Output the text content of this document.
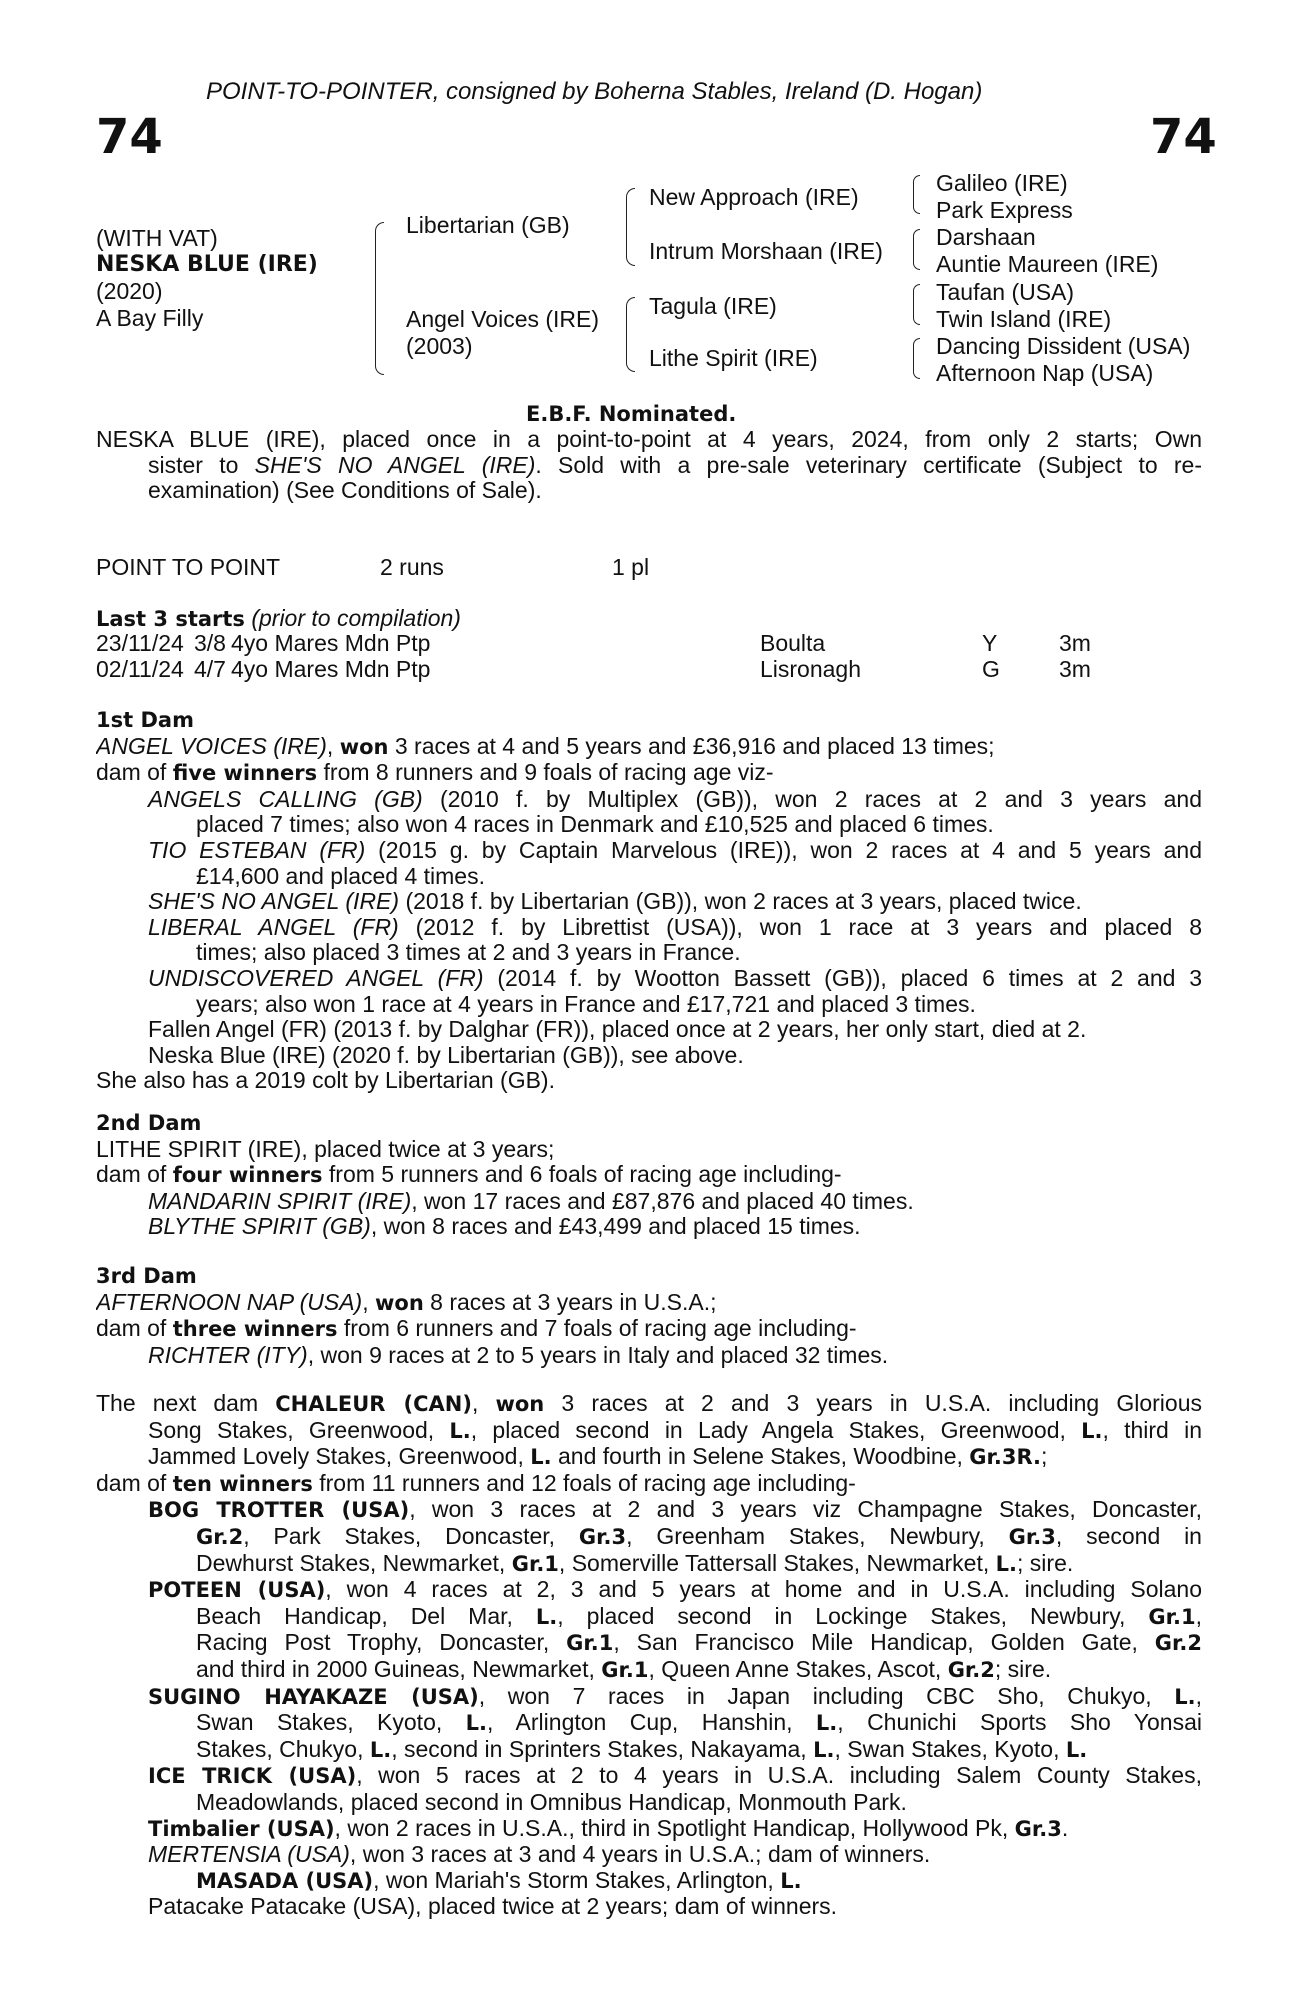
POINT-TO-POINTER, consigned by Boherna Stables, Ireland (D. Hogan)
74	74
(WITH VAT)
NESKA BLUE (IRE)
(2020)
A Bay Filly
Libertarian (GB)
Angel Voices (IRE)
(2003)
New Approach (IRE)
Intrum Morshaan (IRE)
Tagula (IRE)
Lithe Spirit (IRE)
Galileo (IRE)
Park Express
Darshaan
Auntie Maureen (IRE)
Taufan (USA)
Twin Island (IRE)
Dancing Dissident (USA)
Afternoon Nap (USA)
E.B.F. Nominated.
NESKA BLUE (IRE), placed once in a point-to-point at 4 years, 2024, from only 2 starts; Own
sister to SHE'S NO ANGEL (IRE). Sold with a pre-sale veterinary certificate (Subject to re-
examination) (See Conditions of Sale).
POINT TO POINT	2 runs	1 pl
Last 3 starts (prior to compilation)
23/11/24	3/8	4yo Mares Mdn Ptp	Boulta	Y	3m
02/11/24	4/7	4yo Mares Mdn Ptp	Lisronagh	G	3m
1st Dam
ANGEL VOICES (IRE), won 3 races at 4 and 5 years and £36,916 and placed 13 times;
dam of five winners from 8 runners and 9 foals of racing age viz-
ANGELS CALLING (GB) (2010 f. by Multiplex (GB)), won 2 races at 2 and 3 years and
placed 7 times; also won 4 races in Denmark and £10,525 and placed 6 times.
TIO ESTEBAN (FR) (2015 g. by Captain Marvelous (IRE)), won 2 races at 4 and 5 years and
£14,600 and placed 4 times.
SHE'S NO ANGEL (IRE) (2018 f. by Libertarian (GB)), won 2 races at 3 years, placed twice.
LIBERAL ANGEL (FR) (2012 f. by Librettist (USA)), won 1 race at 3 years and placed 8
times; also placed 3 times at 2 and 3 years in France.
UNDISCOVERED ANGEL (FR) (2014 f. by Wootton Bassett (GB)), placed 6 times at 2 and 3
years; also won 1 race at 4 years in France and £17,721 and placed 3 times.
Fallen Angel (FR) (2013 f. by Dalghar (FR)), placed once at 2 years, her only start, died at 2.
Neska Blue (IRE) (2020 f. by Libertarian (GB)), see above.
She also has a 2019 colt by Libertarian (GB).
2nd Dam
LITHE SPIRIT (IRE), placed twice at 3 years;
dam of four winners from 5 runners and 6 foals of racing age including-
MANDARIN SPIRIT (IRE), won 17 races and £87,876 and placed 40 times.
BLYTHE SPIRIT (GB), won 8 races and £43,499 and placed 15 times.
3rd Dam
AFTERNOON NAP (USA), won 8 races at 3 years in U.S.A.;
dam of three winners from 6 runners and 7 foals of racing age including-
RICHTER (ITY), won 9 races at 2 to 5 years in Italy and placed 32 times.
The next dam CHALEUR (CAN), won 3 races at 2 and 3 years in U.S.A. including Glorious
Song Stakes, Greenwood, L., placed second in Lady Angela Stakes, Greenwood, L., third in
Jammed Lovely Stakes, Greenwood, L. and fourth in Selene Stakes, Woodbine, Gr.3R.;
dam of ten winners from 11 runners and 12 foals of racing age including-
BOG TROTTER (USA), won 3 races at 2 and 3 years viz Champagne Stakes, Doncaster,
Gr.2, Park Stakes, Doncaster, Gr.3, Greenham Stakes, Newbury, Gr.3, second in
Dewhurst Stakes, Newmarket, Gr.1, Somerville Tattersall Stakes, Newmarket, L.; sire.
POTEEN (USA), won 4 races at 2, 3 and 5 years at home and in U.S.A. including Solano
Beach Handicap, Del Mar, L., placed second in Lockinge Stakes, Newbury, Gr.1,
Racing Post Trophy, Doncaster, Gr.1, San Francisco Mile Handicap, Golden Gate, Gr.2
and third in 2000 Guineas, Newmarket, Gr.1, Queen Anne Stakes, Ascot, Gr.2; sire.
SUGINO HAYAKAZE (USA), won 7 races in Japan including CBC Sho, Chukyo, L.,
Swan Stakes, Kyoto, L., Arlington Cup, Hanshin, L., Chunichi Sports Sho Yonsai
Stakes, Chukyo, L., second in Sprinters Stakes, Nakayama, L., Swan Stakes, Kyoto, L.
ICE TRICK (USA), won 5 races at 2 to 4 years in U.S.A. including Salem County Stakes,
Meadowlands, placed second in Omnibus Handicap, Monmouth Park.
Timbalier (USA), won 2 races in U.S.A., third in Spotlight Handicap, Hollywood Pk, Gr.3.
MERTENSIA (USA), won 3 races at 3 and 4 years in U.S.A.; dam of winners.
MASADA (USA), won Mariah's Storm Stakes, Arlington, L.
Patacake Patacake (USA), placed twice at 2 years; dam of winners.
